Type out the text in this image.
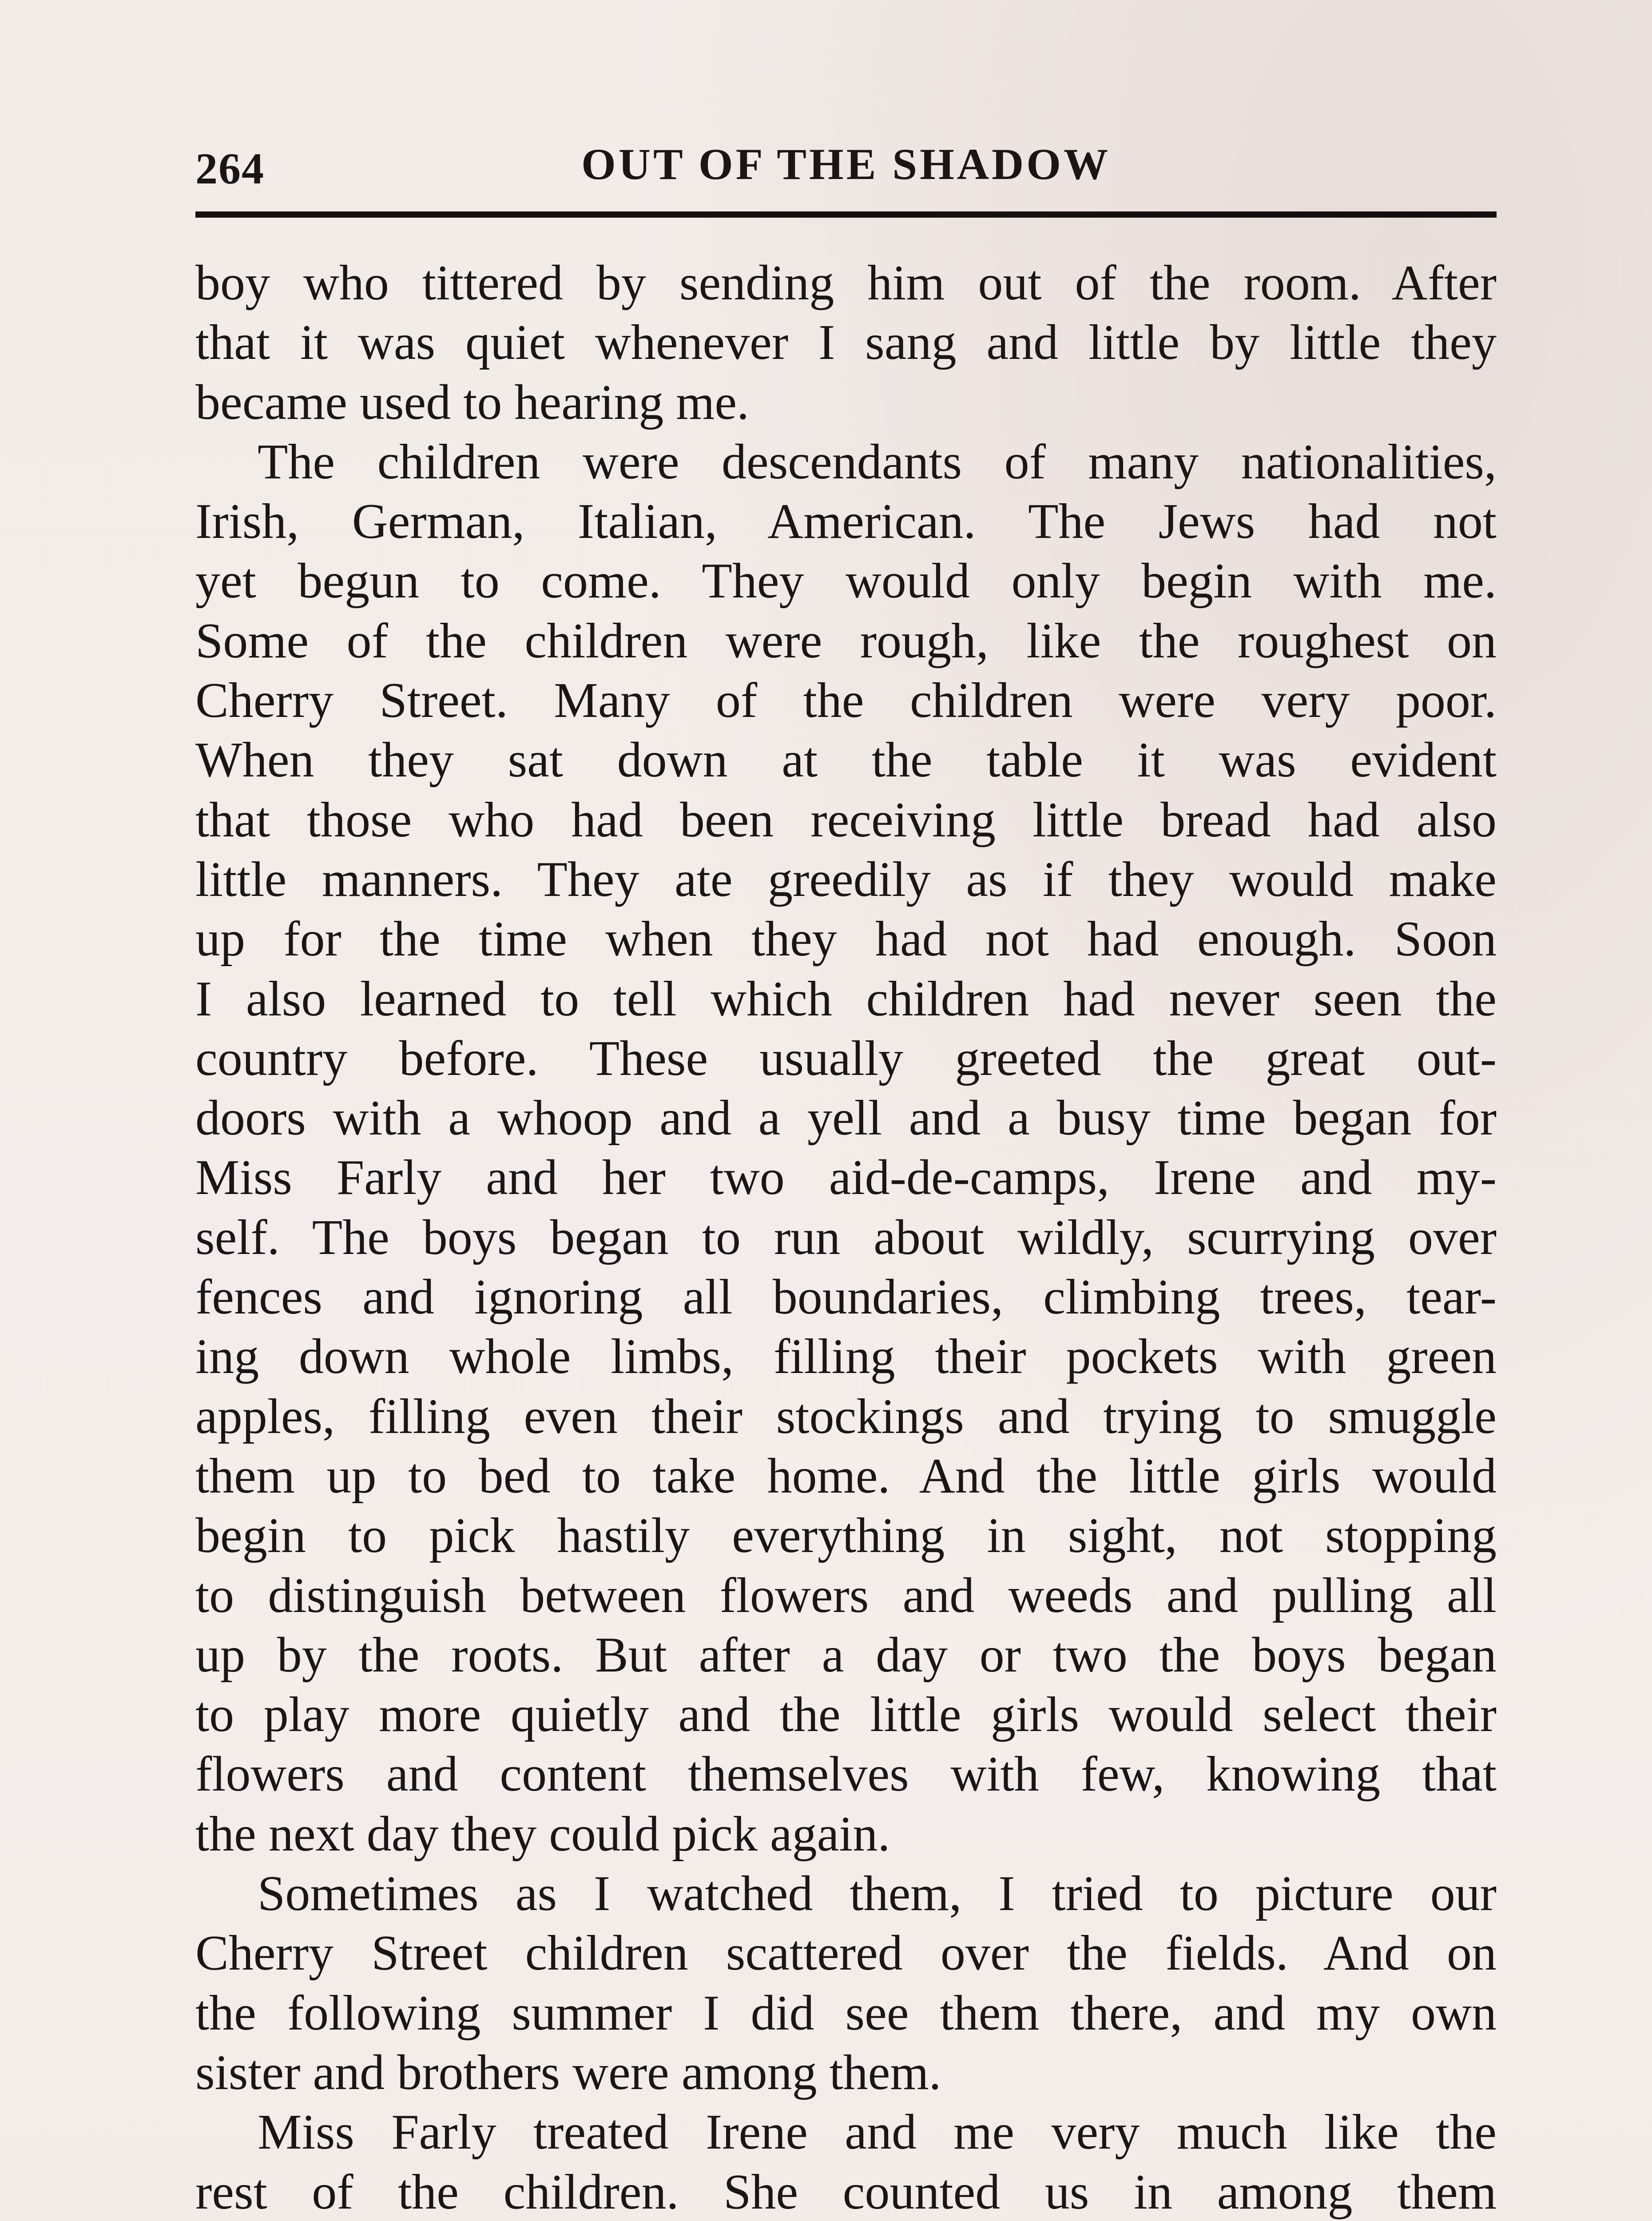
264	OUT OF THE SHADOW
boy who tittered by sending him out of the room. After
that it was quiet whenever I sang and little by little they
became used to hearing me.
The children were descendants of many nationalities,
Irish, German, Italian, American. The Jews had not
yet begun to come. They would only begin with me.
Some of the children were rough, like the roughest on
Cherry Street. Many of the children were very poor.
When they sat down at the table it was evident
that those who had been receiving little bread had also
little manners. They ate greedily as if they would make
up for the time when they had not had enough. Soon
I also learned to tell which children had never seen the
country before. These usually greeted the great out-
doors with a whoop and a yell and a busy time began for
Miss Farly and her two aid-de-camps, Irene and my-
self. The boys began to run about wildly, scurrying over
fences and ignoring all boundaries, climbing trees, tear-
ing down whole limbs, filling their pockets with green
apples, filling even their stockings and trying to smuggle
them up to bed to take home. And the little girls would
begin to pick hastily everything in sight, not stopping
to distinguish between flowers and weeds and pulling all
up by the roots. But after a day or two the boys began
to play more quietly and the little girls would select their
flowers and content themselves with few, knowing that
the next day they could pick again.
Sometimes as I watched them, I tried to picture our
Cherry Street children scattered over the fields. And on
the following summer I did see them there, and my own
sister and brothers were among them.
Miss Farly treated Irene and me very much like the
rest of the children. She counted us in among them
